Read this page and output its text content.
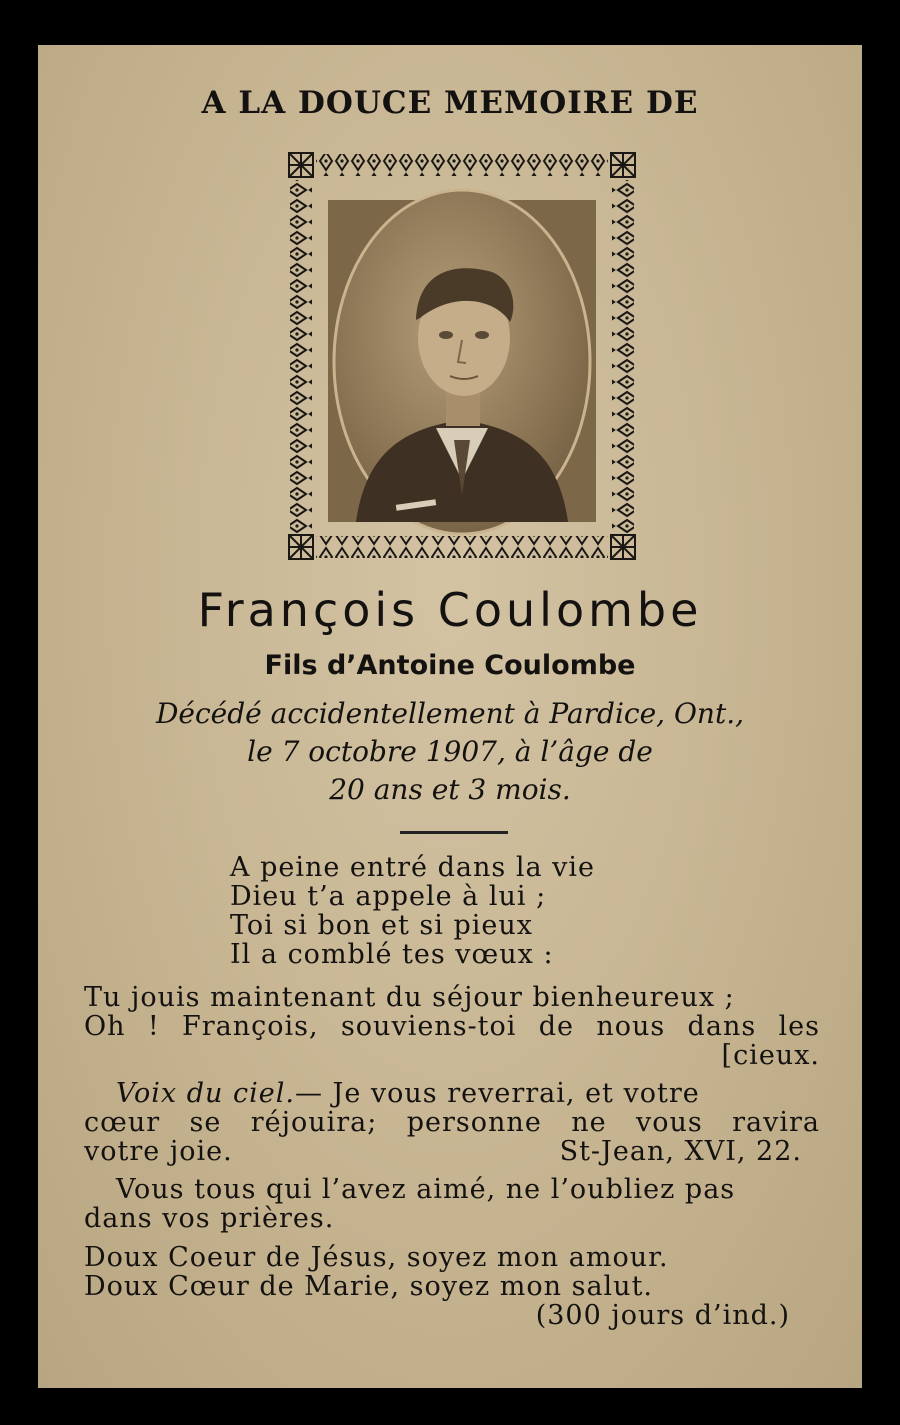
A LA DOUCE MEMOIRE DE
François Coulombe
Fils d’Antoine Coulombe
Décédé accidentellement à Pardice, Ont.,
le 7 octobre 1907, à l’âge de
20 ans et 3 mois.
A peine entré dans la vie
Dieu t’a appele à lui ;
Toi si bon et si pieux
Il a comblé tes vœux :
Tu jouis maintenant du séjour bienheureux ;
Oh ! François, souviens-toi de nous dans les
[cieux.
Voix du ciel.— Je vous reverrai, et votre
cœur se réjouira; personne ne vous ravira
votre joie.	St-Jean, XVI, 22.
Vous tous qui l’avez aimé, ne l’oubliez pas
dans vos prières.
Doux Coeur de Jésus, soyez mon amour.
Doux Cœur de Marie, soyez mon salut.
(300 jours d’ind.)
